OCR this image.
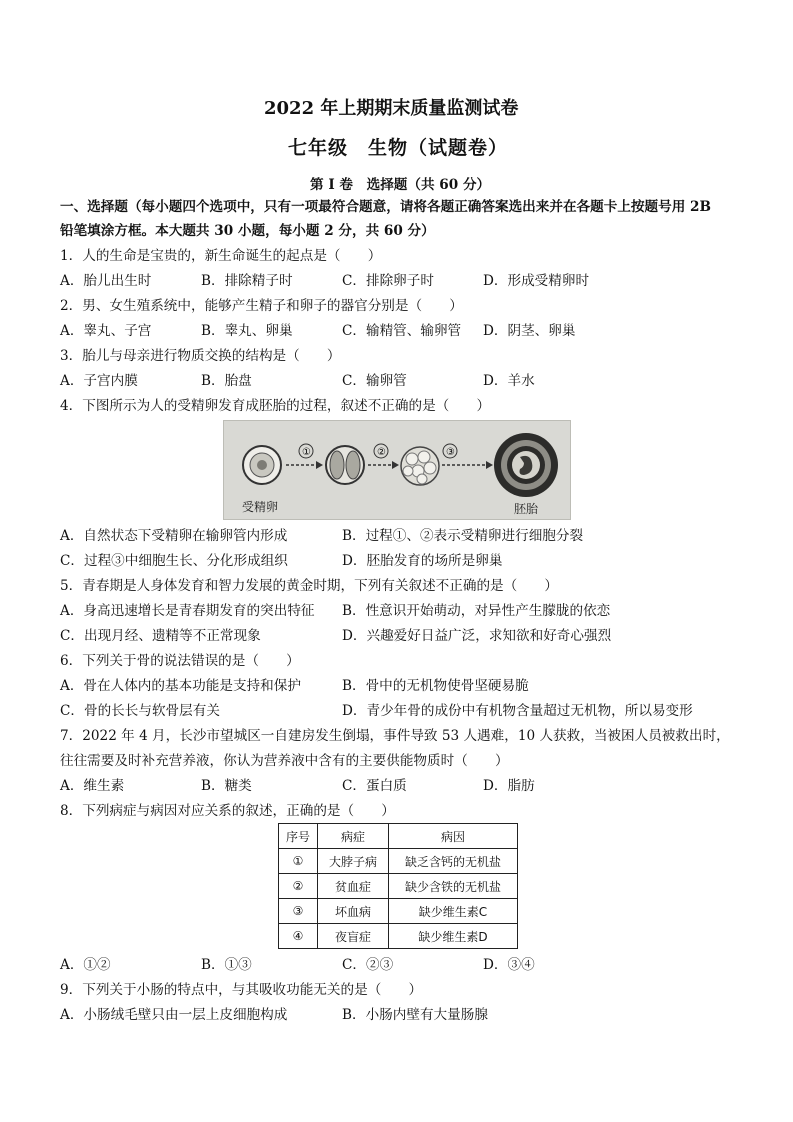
2022 年上期期末质量监测试卷
七年级　生物（试题卷）
第 I 卷　选择题（共 60 分）
一、选择题（每小题四个选项中，只有一项最符合题意，请将各题正确答案选出来并在各题卡上按题号用 2B
铅笔填涂方框。本大题共 30 小题，每小题 2 分，共 60 分）
1．人的生命是宝贵的，新生命诞生的起点是（　　）
A．胎儿出生时	B．排除精子时	C．排除卵子时	D．形成受精卵时
2．男、女生殖系统中，能够产生精子和卵子的器官分别是（　　）
A．睾丸、子宫	B．睾丸、卵巢	C．输精管、输卵管 D．阴茎、卵巢
3．胎儿与母亲进行物质交换的结构是（　　）
A．子宫内膜	B．胎盘	C．输卵管	D．羊水
4．下图所示为人的受精卵发育成胚胎的过程，叙述不正确的是（　　）
受精卵
①	②	③
胚胎
A．自然状态下受精卵在输卵管内形成	B．过程①、②表示受精卵进行细胞分裂
C．过程③中细胞生长、分化形成组织	D．胚胎发育的场所是卵巢
5．青春期是人身体发育和智力发展的黄金时期，下列有关叙述不正确的是（　　）
A．身高迅速增长是青春期发育的突出特征 B．性意识开始萌动，对异性产生朦胧的依恋
C．出现月经、遗精等不正常现象	D．兴趣爱好日益广泛，求知欲和好奇心强烈
6．下列关于骨的说法错误的是（　　）
A．骨在人体内的基本功能是支持和保护	B．骨中的无机物使骨坚硬易脆
C．骨的长长与软骨层有关	D．青少年骨的成份中有机物含量超过无机物，所以易变形
7．2022 年 4 月，长沙市望城区一自建房发生倒塌，事件导致 53 人遇难，10 人获救，当被困人员被救出时，
往往需要及时补充营养液，你认为营养液中含有的主要供能物质时（　　）
A．维生素	B．糖类	C．蛋白质	D．脂肪
8．下列病症与病因对应关系的叙述，正确的是（　　）
序号	病症	病因
①	大脖子病	缺乏含钙的无机盐
②	贫血症	缺少含铁的无机盐
③	坏血病	缺少维生素C
④	夜盲症	缺少维生素D
A．①②	B．①③	C．②③	D．③④
9．下列关于小肠的特点中，与其吸收功能无关的是（　　）
A．小肠绒毛壁只由一层上皮细胞构成	B．小肠内壁有大量肠腺
